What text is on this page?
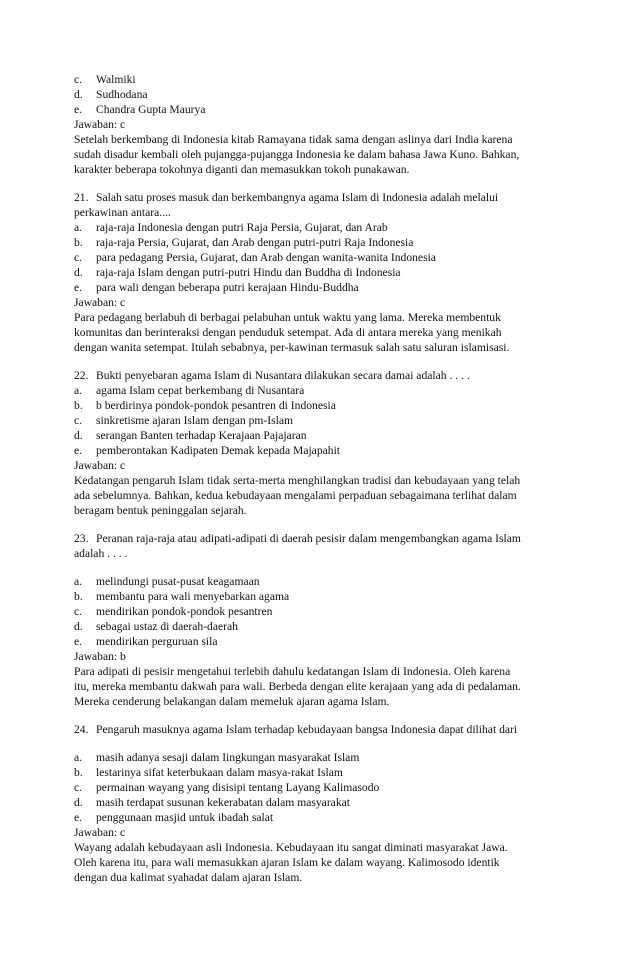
c. Walmiki
d. Sudhodana
e. Chandra Gupta Maurya
Jawaban: c
Setelah berkembang di Indonesia kitab Ramayana tidak sama dengan aslinya dari India karena
sudah disadur kembali oleh pujangga-pujangga Indonesia ke dalam bahasa Jawa Kuno. Bahkan,
karakter beberapa tokohnya diganti dan memasukkan tokoh punakawan.
21. Salah satu proses masuk dan berkembangnya agama Islam di Indonesia adalah melalui
perkawinan antara....
a. raja-raja Indonesia dengan putri Raja Persia, Gujarat, dan Arab
b. raja-raja Persia, Gujarat, dan Arab dengan putri-putri Raja Indonesia
c. para pedagang Persia, Gujarat, dan Arab dengan wanita-wanita Indonesia
d. raja-raja Islam dengan putri-putri Hindu dan Buddha di Indonesia
e. para wali dengan beberapa putri kerajaan Hindu-Buddha
Jawaban: c
Para pedagang berlabuh di berbagai pelabuhan untuk waktu yang lama. Mereka membentuk
komunitas dan berinteraksi dengan penduduk setempat. Ada di antara mereka yang menikah
dengan wanita setempat. Itulah sebabnya, per-kawinan termasuk salah satu saluran islamisasi.
22. Bukti penyebaran agama Islam di Nusantara dilakukan secara damai adalah . . . .
a. agama Islam cepat berkembang di Nusantara
b. b berdirinya pondok-pondok pesantren di Indonesia
c. sinkretisme ajaran Islam dengan pm-Islam
d. serangan Banten terhadap Kerajaan Pajajaran
e. pemberontakan Kadipaten Demak kepada Majapahit
Jawaban: c
Kedatangan pengaruh Islam tidak serta-merta menghilangkan tradisi dan kebudayaan yang telah
ada sebelumnya. Bahkan, kedua kebudayaan mengalami perpaduan sebagaimana terlihat dalam
beragam bentuk peninggalan sejarah.
23. Peranan raja-raja atau adipati-adipati di daerah pesisir dalam mengembangkan agama Islam
adalah . . . .
a. melindungi pusat-pusat keagamaan
b. membantu para wali menyebarkan agama
c. mendirikan pondok-pondok pesantren
d. sebagai ustaz di daerah-daerah
e. mendirikan perguruan sila
Jawaban: b
Para adipati di pesisir mengetahui terlebih dahulu kedatangan Islam di Indonesia. Oleh karena
itu, mereka membantu dakwah para wali. Berbeda dengan elite kerajaan yang ada di pedalaman.
Mereka cenderung belakangan dalam memeluk ajaran agama Islam.
24. Pengaruh masuknya agama Islam terhadap kebudayaan bangsa Indonesia dapat dilihat dari
a. masih adanya sesaji dalam Iingkungan masyarakat Islam
b. lestarinya sifat keterbukaan dalam masya-rakat Islam
c. permainan wayang yang disisipi tentang Layang Kalimasodo
d. masih terdapat susunan kekerabatan dalam masyarakat
e. penggunaan masjid untuk ibadah salat
Jawaban: c
Wayang adalah kebudayaan asli Indonesia. Kebudayaan itu sangat diminati masyarakat Jawa.
Oleh karena itu, para wali memasukkan ajaran Islam ke dalam wayang. Kalimosodo identik
dengan dua kalimat syahadat dalam ajaran Islam.
